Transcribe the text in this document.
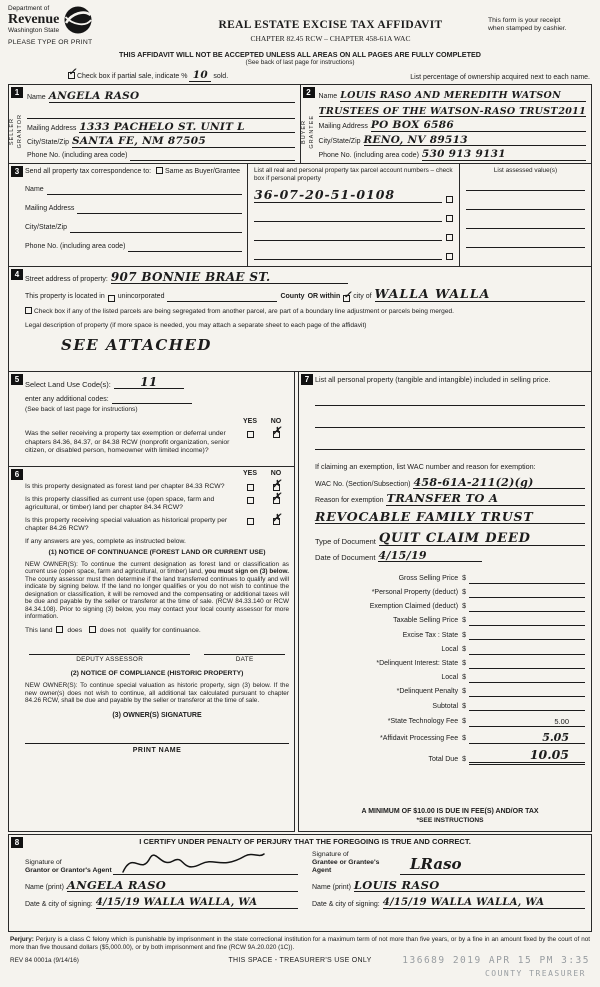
Department of
Revenue
Washington State
PLEASE TYPE OR PRINT
REAL ESTATE EXCISE TAX AFFIDAVIT
CHAPTER 82.45 RCW – CHAPTER 458-61A WAC
This form is your receipt
when stamped by cashier.
THIS AFFIDAVIT WILL NOT BE ACCEPTED UNLESS ALL AREAS ON ALL PAGES ARE FULLY COMPLETED
(See back of last page for instructions)
✓ Check box if partial sale, indicate % 10 sold.	List percentage of ownership acquired next to each name.
1
SELLER GRANTOR
Name ANGELA RASO
Mailing Address 1333 PACHELO ST. UNIT L
City/State/Zip SANTA FE, NM 87505
Phone No. (including area code)
2
BUYER GRANTEE
Name LOUIS RASO AND MEREDITH WATSON
TRUSTEES OF THE WATSON-RASO TRUST 2011
Mailing Address PO BOX 6586
City/State/Zip RENO, NV 89513
Phone No. (including area code) 530 913 9131
3 Send all property tax correspondence to: Same as Buyer/Grantee
Name
Mailing Address
City/State/Zip
Phone No. (including area code)
List all real and personal property tax parcel account numbers – check box if personal property
36-07-20-51-0108
List assessed value(s)
4
Street address of property: 907 BONNIE BRAE ST.
This property is located in unincorporated	County OR within ✓ city of WALLA WALLA
Check box if any of the listed parcels are being segregated from another parcel, are part of a boundary line adjustment or parcels being merged.
Legal description of property (if more space is needed, you may attach a separate sheet to each page of the affidavit)
SEE ATTACHED
5
Select Land Use Code(s): 11
enter any additional codes:
(See back of last page for instructions)
YES	NO
Was the seller receiving a property tax exemption or deferral under chapters 84.36, 84.37, or 84.38 RCW (nonprofit organization, senior citizen, or disabled person, homeowner with limited income)?
✗
6	YES	NO
Is this property designated as forest land per chapter 84.33 RCW?	✗
Is this property classified as current use (open space, farm and agricultural, or timber) land per chapter 84.34 RCW?
✗
Is this property receiving special valuation as historical property per chapter 84.26 RCW?
✗
If any answers are yes, complete as instructed below.
(1) NOTICE OF CONTINUANCE (FOREST LAND OR CURRENT USE)
NEW OWNER(S): To continue the current designation as forest land or classification as current use (open space, farm and agricultural, or timber) land, you must sign on (3) below. The county assessor must then determine if the land transferred continues to qualify and will indicate by signing below. If the land no longer qualifies or you do not wish to continue the designation or classification, it will be removed and the compensating or additional taxes will be due and payable by the seller or transferor at the time of sale. (RCW 84.33.140 or RCW 84.34.108). Prior to signing (3) below, you may contact your local county assessor for more information.
This land does	does not qualify for continuance.
DEPUTY ASSESSOR	DATE
(2) NOTICE OF COMPLIANCE (HISTORIC PROPERTY)
NEW OWNER(S): To continue special valuation as historic property, sign (3) below. If the new owner(s) does not wish to continue, all additional tax calculated pursuant to chapter 84.26 RCW, shall be due and payable by the seller or transferor at the time of sale.
(3) OWNER(S) SIGNATURE
PRINT NAME
7 List all personal property (tangible and intangible) included in selling price.
If claiming an exemption, list WAC number and reason for exemption:
WAC No. (Section/Subsection) 458-61A-211(2)(g)
Reason for exemption TRANSFER TO A
REVOCABLE FAMILY TRUST
Type of Document QUIT CLAIM DEED
Date of Document 4/15/19
Gross Selling Price $
*Personal Property (deduct) $
Exemption Claimed (deduct) $
Taxable Selling Price $
Excise Tax : State $
Local $
*Delinquent Interest: State $
Local $
*Delinquent Penalty $
Subtotal $
*State Technology Fee $	5.00
*Affidavit Processing Fee $	5.05
Total Due $	10.05
A MINIMUM OF $10.00 IS DUE IN FEE(S) AND/OR TAX
*SEE INSTRUCTIONS
8	I CERTIFY UNDER PENALTY OF PERJURY THAT THE FOREGOING IS TRUE AND CORRECT.
Signature of
Grantor or Grantor's Agent
Name (print) ANGELA RASO
Date & city of signing: 4/15/19 WALLA WALLA, WA
Signature of
Grantee or Grantee's Agent	LRaso
Name (print) LOUIS RASO
Date & city of signing: 4/15/19 WALLA WALLA, WA
Perjury: Perjury is a class C felony which is punishable by imprisonment in the state correctional institution for a maximum term of not more than five years, or by a fine in an amount fixed by the court of not more than five thousand dollars ($5,000.00), or by both imprisonment and fine (RCW 9A.20.020 (1C)).
REV 84 0001a (9/14/16)	THIS SPACE - TREASURER'S USE ONLY	136689 2019 APR 15 PM 3:35
COUNTY TREASURER
